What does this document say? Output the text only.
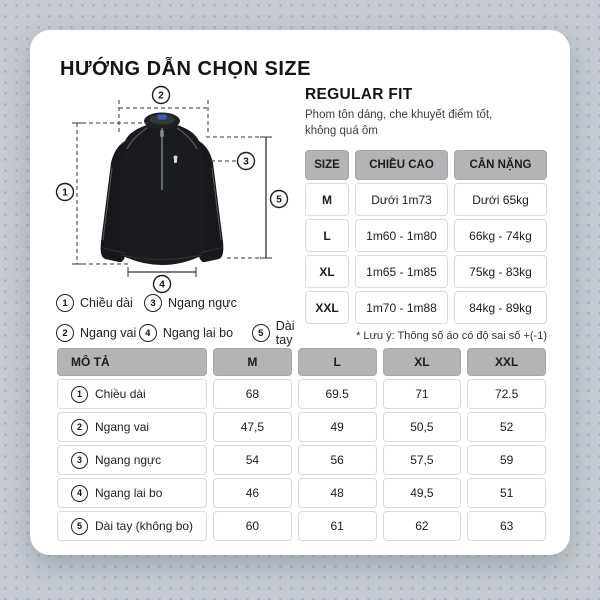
HƯỚNG DẪN CHỌN SIZE
1
2
3
4
5
1 Chiều dài	3 Ngang ngực
2 Ngang vai 4 Ngang lai bo	5 Dài tay
REGULAR FIT
Phom tôn dáng, che khuyết điểm tốt,
không quá ôm
SIZE	CHIỀU CAO	CÂN NẶNG
M	Dưới 1m73	Dưới 65kg
L	1m60 - 1m80	66kg - 74kg
XL	1m65 - 1m85	75kg - 83kg
XXL	1m70 - 1m88	84kg - 89kg
* Lưu ý: Thông số áo có độ sai số +(-1)
MÔ TẢ	M	L	XL	XXL
1	Chiều dài	68	69.5	71	72.5
2	Ngang vai	47,5	49	50,5	52
3	Ngang ngực	54	56	57,5	59
4	Ngang lai bo	46	48	49,5	51
5	Dài tay (không bo)	60	61	62	63
